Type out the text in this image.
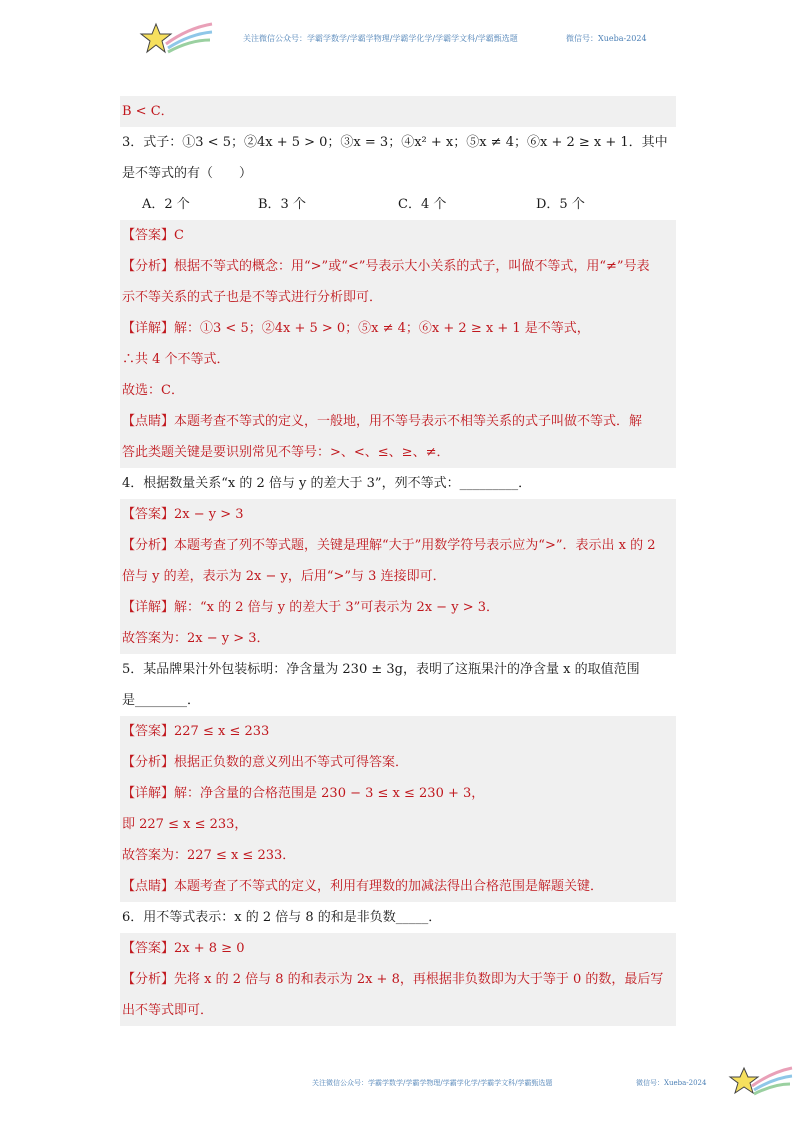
关注微信公众号：学霸学数学/学霸学物理/学霸学化学/学霸学文科/学霸甄选题	微信号：Xueba-2024
B < C．
3．式子：①3 < 5；②4x + 5 > 0；③x = 3；④x² + x；⑤x ≠ 4；⑥x + 2 ≥ x + 1．其中
是不等式的有（　　）
A．2 个	B．3 个	C．4 个	D．5 个
【答案】C
【分析】根据不等式的概念：用“>”或“<”号表示大小关系的式子，叫做不等式，用“≠”号表
示不等关系的式子也是不等式进行分析即可．
【详解】解：①3 < 5；②4x + 5 > 0；⑤x ≠ 4；⑥x + 2 ≥ x + 1 是不等式，
∴共 4 个不等式．
故选：C．
【点睛】本题考查不等式的定义，一般地，用不等号表示不相等关系的式子叫做不等式．解
答此类题关键是要识别常见不等号：>、<、≤、≥、≠．
4．根据数量关系“x 的 2 倍与 y 的差大于 3”，列不等式：_________．
【答案】2x − y > 3
【分析】本题考查了列不等式题，关键是理解“大于”用数学符号表示应为“>”．表示出 x 的 2
倍与 y 的差，表示为 2x − y，后用“>”与 3 连接即可．
【详解】解：“x 的 2 倍与 y 的差大于 3”可表示为 2x − y > 3．
故答案为：2x − y > 3．
5．某品牌果汁外包装标明：净含量为 230 ± 3g，表明了这瓶果汁的净含量 x 的取值范围
是________．
【答案】227 ≤ x ≤ 233
【分析】根据正负数的意义列出不等式可得答案．
【详解】解：净含量的合格范围是 230 − 3 ≤ x ≤ 230 + 3，
即 227 ≤ x ≤ 233，
故答案为：227 ≤ x ≤ 233．
【点睛】本题考查了不等式的定义，利用有理数的加减法得出合格范围是解题关键．
6．用不等式表示：x 的 2 倍与 8 的和是非负数_____．
【答案】2x + 8 ≥ 0
【分析】先将 x 的 2 倍与 8 的和表示为 2x + 8，再根据非负数即为大于等于 0 的数，最后写
出不等式即可．
关注微信公众号：学霸学数学/学霸学物理/学霸学化学/学霸学文科/学霸甄选题	微信号：Xueba-2024
